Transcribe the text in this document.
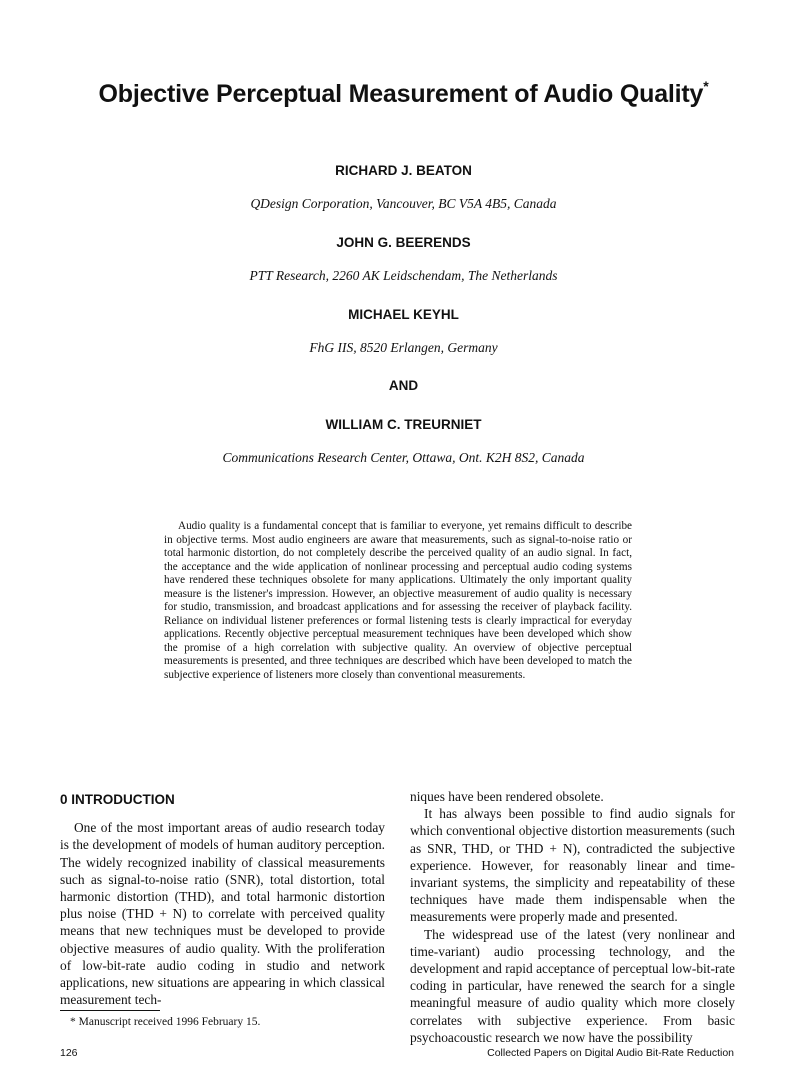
Objective Perceptual Measurement of Audio Quality*
RICHARD J. BEATON
QDesign Corporation, Vancouver, BC V5A 4B5, Canada
JOHN G. BEERENDS
PTT Research, 2260 AK Leidschendam, The Netherlands
MICHAEL KEYHL
FhG IIS, 8520 Erlangen, Germany
AND
WILLIAM C. TREURNIET
Communications Research Center, Ottawa, Ont. K2H 8S2, Canada

Audio quality is a fundamental concept that is familiar to everyone, yet remains difficult to describe in objective terms. Most audio engineers are aware that measurements, such as signal-to-noise ratio or total harmonic distortion, do not completely describe the perceived quality of an audio signal. In fact, the acceptance and the wide application of nonlinear processing and perceptual audio coding systems have rendered these techniques obsolete for many applications. Ultimately the only important quality measure is the listener's impression. However, an objective measurement of audio quality is necessary for studio, transmission, and broadcast applications and for assessing the receiver of playback facility. Reliance on individual listener preferences or formal listening tests is clearly impractical for everyday applications. Recently objective perceptual measurement techniques have been developed which show the promise of a high correlation with subjective quality. An overview of objective perceptual measurements is presented, and three techniques are described which have been developed to match the subjective experience of listeners more closely than conventional measurements.

0 INTRODUCTION

One of the most important areas of audio research today is the development of models of human auditory perception. The widely recognized inability of classical measurements such as signal-to-noise ratio (SNR), total distortion, total harmonic distortion (THD), and total harmonic distortion plus noise (THD + N) to correlate with perceived quality means that new techniques must be developed to provide objective measures of audio quality. With the proliferation of low-bit-rate audio coding in studio and network applications, new situations are appearing in which classical measurement tech-

niques have been rendered obsolete.

It has always been possible to find audio signals for which conventional objective distortion measurements (such as SNR, THD, or THD + N), contradicted the subjective experience. However, for reasonably linear and time-invariant systems, the simplicity and repeatability of these techniques have made them indispensable when the measurements were properly made and presented.

The widespread use of the latest (very nonlinear and time-variant) audio processing technology, and the development and rapid acceptance of perceptual low-bit-rate coding in particular, have renewed the search for a single meaningful measure of audio quality which more closely correlates with subjective experience. From basic psychoacoustic research we now have the possibility

* Manuscript received 1996 February 15.
126	Collected Papers on Digital Audio Bit-Rate Reduction
